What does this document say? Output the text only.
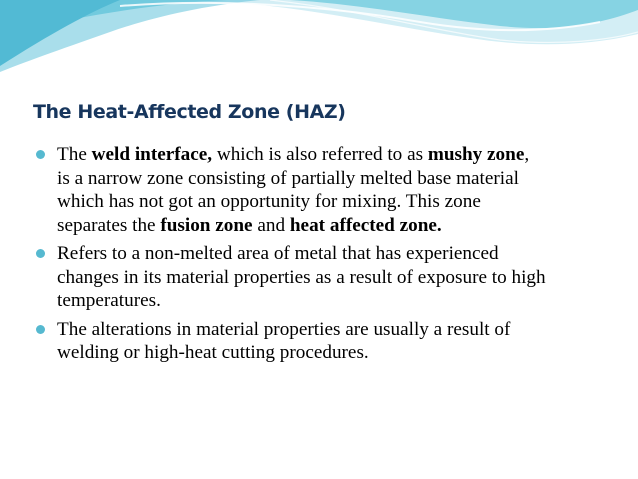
The Heat-Affected Zone (HAZ)
The weld interface, which is also referred to as mushy zone,
is a narrow zone consisting of partially melted base material
which has not got an opportunity for mixing. This zone
separates the fusion zone and heat affected zone.
Refers to a non-melted area of metal that has experienced
changes in its material properties as a result of exposure to high
temperatures.
The alterations in material properties are usually a result of
welding or high-heat cutting procedures.
